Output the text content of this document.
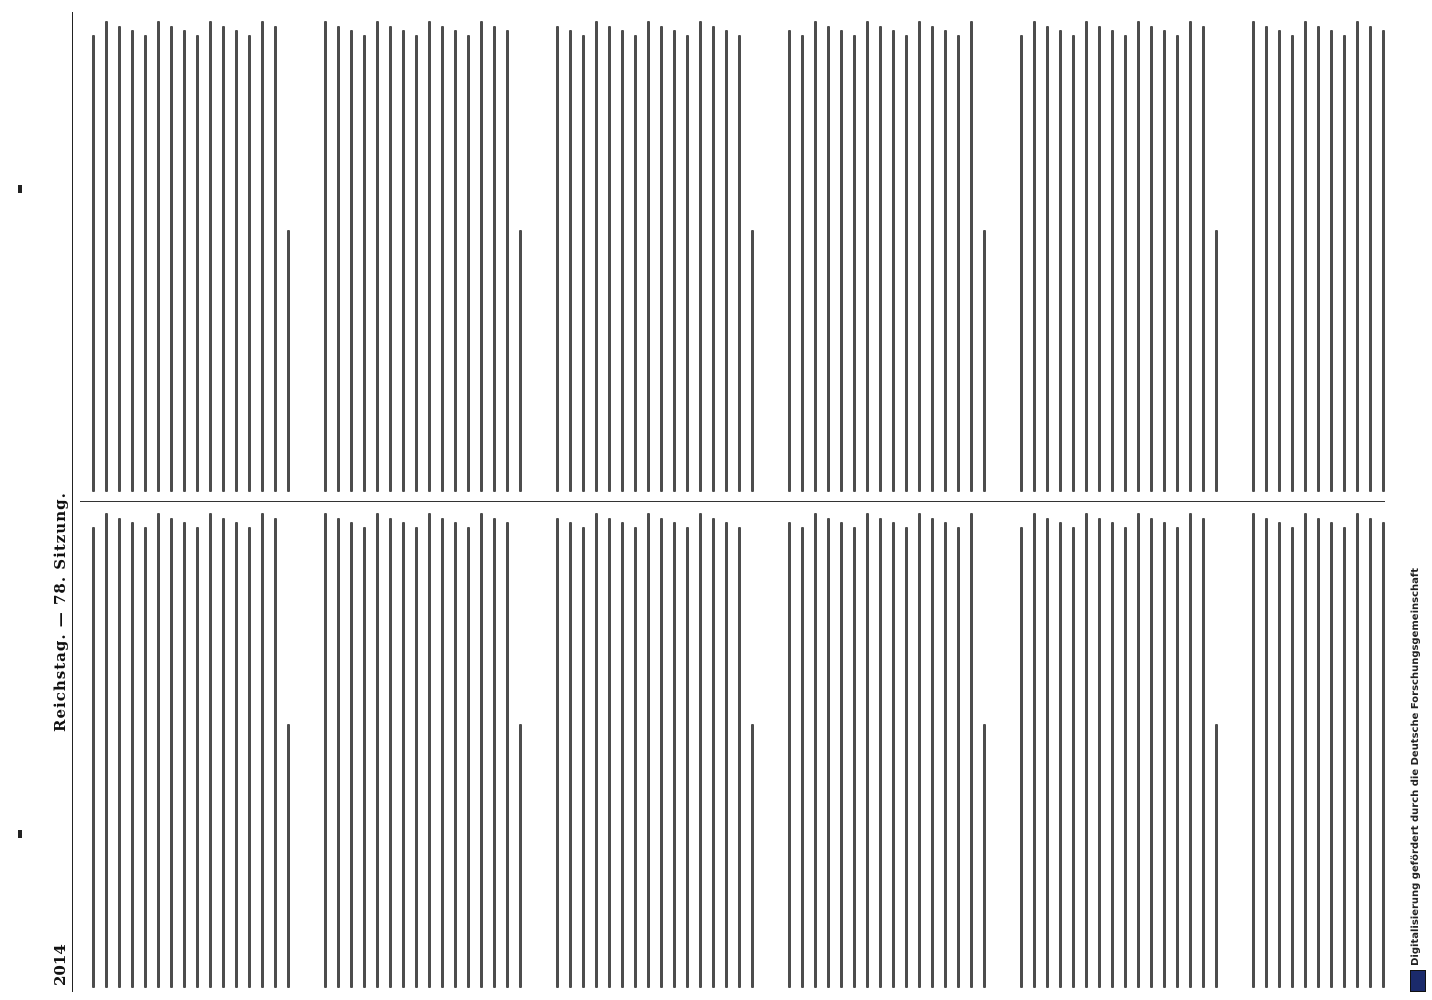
2014
Reichstag. — 78. Sitzung.	Digitalisierung gefördert durch die Deutsche Forschungsgemeinschaft
